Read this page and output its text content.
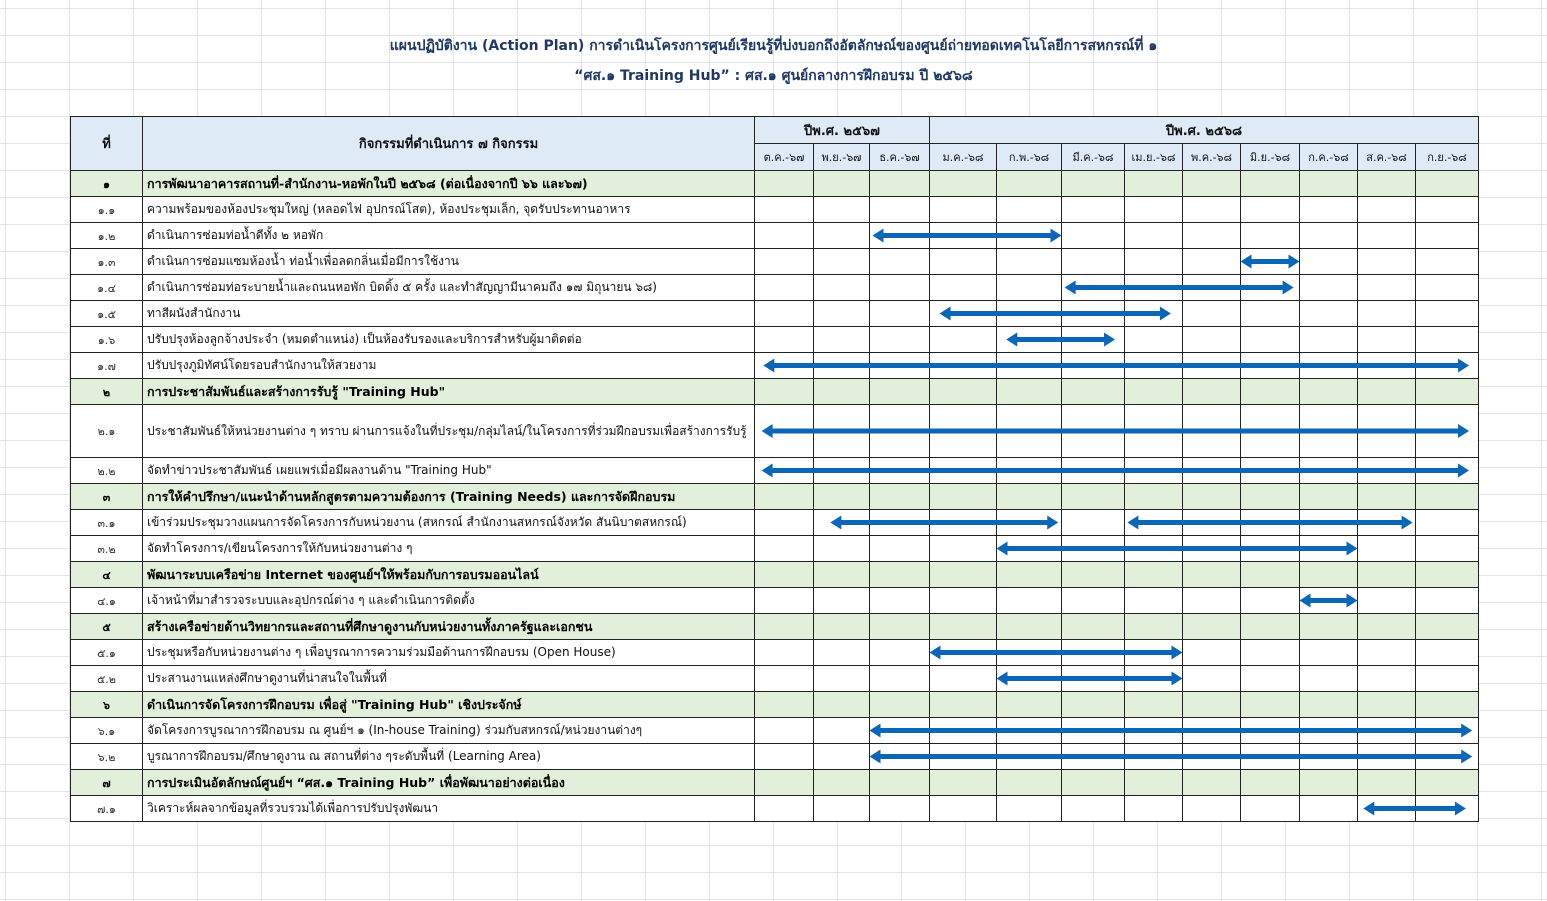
แผนปฏิบัติงาน (Action Plan) การดำเนินโครงการศูนย์เรียนรู้ที่บ่งบอกถึงอัตลักษณ์ของศูนย์ถ่ายทอดเทคโนโลยีการสหกรณ์ที่ ๑
“ศส.๑ Training Hub” : ศส.๑ ศูนย์กลางการฝึกอบรม ปี ๒๕๖๘
ที่	กิจกรรมที่ดำเนินการ ๗ กิจกรรม	ปีพ.ศ. ๒๕๖๗			ปีพ.ศ. ๒๕๖๘								
		ต.ค.-๖๗	พ.ย.-๖๗	ธ.ค.-๖๗	ม.ค.-๖๘	ก.พ.-๖๘	มี.ค.-๖๘	เม.ย.-๖๘	พ.ค.-๖๘	มิ.ย.-๖๘	ก.ค.-๖๘	ส.ค.-๖๘	ก.ย.-๖๘
๑	การพัฒนาอาคารสถานที่-สำนักงาน-หอพักในปี ๒๕๖๘ (ต่อเนื่องจากปี ๖๖ และ๖๗)												
๑.๑	ความพร้อมของห้องประชุมใหญ่ (หลอดไฟ อุปกรณ์โสต), ห้องประชุมเล็ก, จุดรับประทานอาหาร												
๑.๒	ดำเนินการซ่อมท่อน้ำดีทั้ง ๒ หอพัก												
๑.๓	ดำเนินการซ่อมแซมห้องน้ำ ท่อน้ำเพื่อลดกลิ่นเมื่อมีการใช้งาน												
๑.๔	ดำเนินการซ่อมท่อระบายน้ำและถนนหอพัก บิดดิ้ง ๕ ครั้ง และทำสัญญามีนาคมถึง ๑๗ มิถุนายน ๖๘)												
๑.๕	ทาสีผนังสำนักงาน												
๑.๖	ปรับปรุงห้องลูกจ้างประจำ (หมดตำแหน่ง) เป็นห้องรับรองและบริการสำหรับผู้มาติดต่อ												
๑.๗	ปรับปรุงภูมิทัศน์โดยรอบสำนักงานให้สวยงาม												
๒	การประชาสัมพันธ์และสร้างการรับรู้ "Training Hub"												
๒.๑	ประชาสัมพันธ์ให้หน่วยงานต่าง ๆ ทราบ ผ่านการแจ้งในที่ประชุม/กลุ่มไลน์/ในโครงการที่ร่วมฝึกอบรมเพื่อสร้างการรับรู้												
๒.๒	จัดทำข่าวประชาสัมพันธ์ เผยแพร่เมื่อมีผลงานด้าน "Training Hub"												
๓	การให้คำปรึกษา/แนะนำด้านหลักสูตรตามความต้องการ (Training Needs) และการจัดฝึกอบรม												
๓.๑	เข้าร่วมประชุมวางแผนการจัดโครงการกับหน่วยงาน (สหกรณ์ สำนักงานสหกรณ์จังหวัด สันนิบาตสหกรณ์)												
๓.๒	จัดทำโครงการ/เขียนโครงการให้กับหน่วยงานต่าง ๆ												
๔	พัฒนาระบบเครือข่าย Internet ของศูนย์ฯให้พร้อมกับการอบรมออนไลน์												
๔.๑	เจ้าหน้าที่มาสำรวจระบบและอุปกรณ์ต่าง ๆ และดำเนินการติดตั้ง												
๕	สร้างเครือข่ายด้านวิทยากรและสถานที่ศึกษาดูงานกับหน่วยงานทั้งภาครัฐและเอกชน												
๕.๑	ประชุมหรือกับหน่วยงานต่าง ๆ เพื่อบูรณาการความร่วมมือด้านการฝึกอบรม (Open House)												
๕.๒	ประสานงานแหล่งศึกษาดูงานที่น่าสนใจในพื้นที่												
๖	ดำเนินการจัดโครงการฝึกอบรม เพื่อสู่ "Training Hub" เชิงประจักษ์												
๖.๑	จัดโครงการบูรณาการฝึกอบรม ณ ศูนย์ฯ ๑ (In-house Training) ร่วมกับสหกรณ์/หน่วยงานต่างๆ												
๖.๒	บูรณาการฝึกอบรม/ศึกษาดูงาน ณ สถานที่ต่าง ๆระดับพื้นที่ (Learning Area)												
๗	การประเมินอัตลักษณ์ศูนย์ฯ “ศส.๑ Training Hub” เพื่อพัฒนาอย่างต่อเนื่อง												
๗.๑	วิเคราะห์ผลจากข้อมูลที่รวบรวมได้เพื่อการปรับปรุงพัฒนา												
